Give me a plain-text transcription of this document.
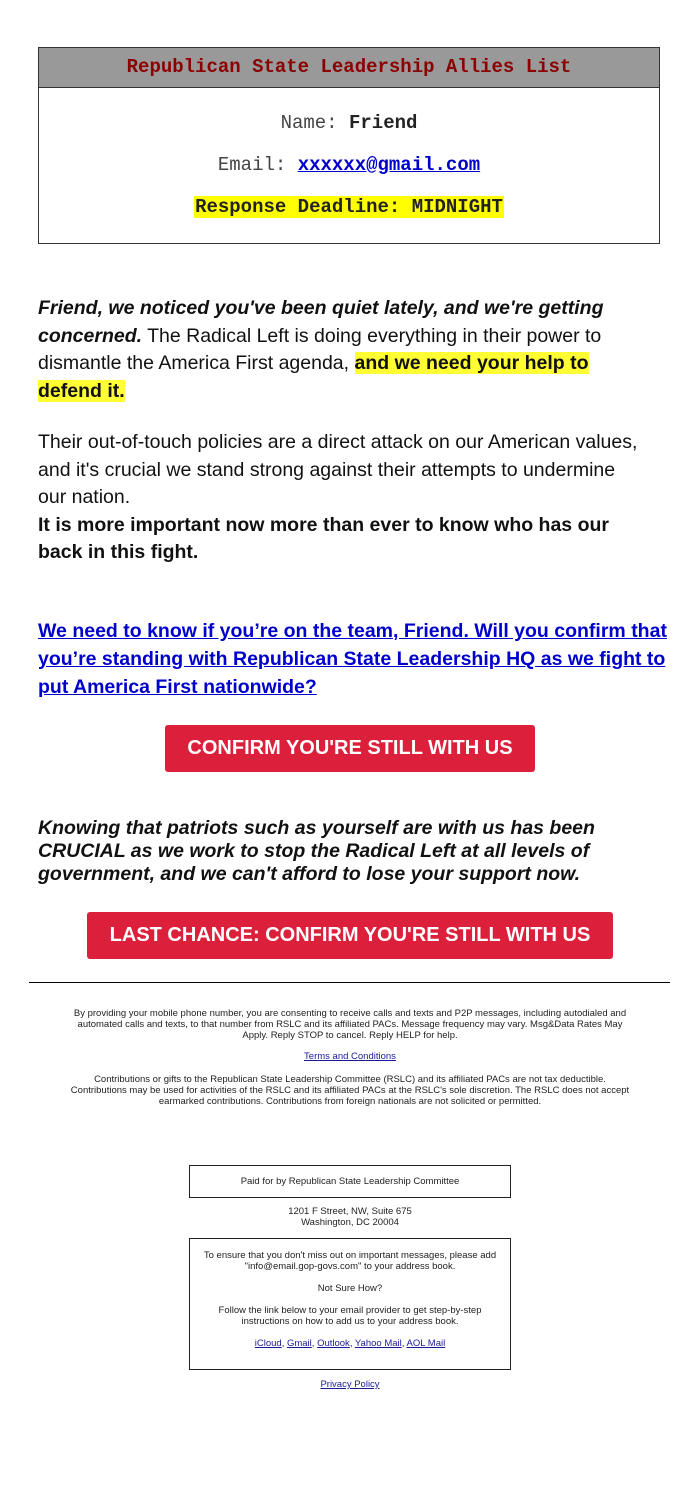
Republican State Leadership Allies List
Name: Friend
Email: xxxxxx@gmail.com
Response Deadline: MIDNIGHT
Friend, we noticed you've been quiet lately, and we're getting concerned. The Radical Left is doing everything in their power to dismantle the America First agenda, and we need your help to defend it.
Their out-of-touch policies are a direct attack on our American values, and it's crucial we stand strong against their attempts to undermine our nation.
It is more important now more than ever to know who has our back in this fight.
We need to know if you’re on the team, Friend. Will you confirm that you’re standing with Republican State Leadership HQ as we fight to put America First nationwide?
CONFIRM YOU'RE STILL WITH US
Knowing that patriots such as yourself are with us has been CRUCIAL as we work to stop the Radical Left at all levels of government, and we can't afford to lose your support now.
LAST CHANCE: CONFIRM YOU'RE STILL WITH US
By providing your mobile phone number, you are consenting to receive calls and texts and P2P messages, including autodialed and automated calls and texts, to that number from RSLC and its affiliated PACs. Message frequency may vary. Msg&Data Rates May Apply. Reply STOP to cancel. Reply HELP for help.
Terms and Conditions
Contributions or gifts to the Republican State Leadership Committee (RSLC) and its affiliated PACs are not tax deductible. Contributions may be used for activities of the RSLC and its affiliated PACs at the RSLC's sole discretion. The RSLC does not accept earmarked contributions. Contributions from foreign nationals are not solicited or permitted.
Paid for by Republican State Leadership Committee
1201 F Street, NW, Suite 675
Washington, DC 20004

To ensure that you don't miss out on important messages, please add "info@email.gop-govs.com" to your address book.

Not Sure How?

Follow the link below to your email provider to get step-by-step instructions on how to add us to your address book.

iCloud, Gmail, Outlook, Yahoo Mail, AOL Mail

Privacy Policy
